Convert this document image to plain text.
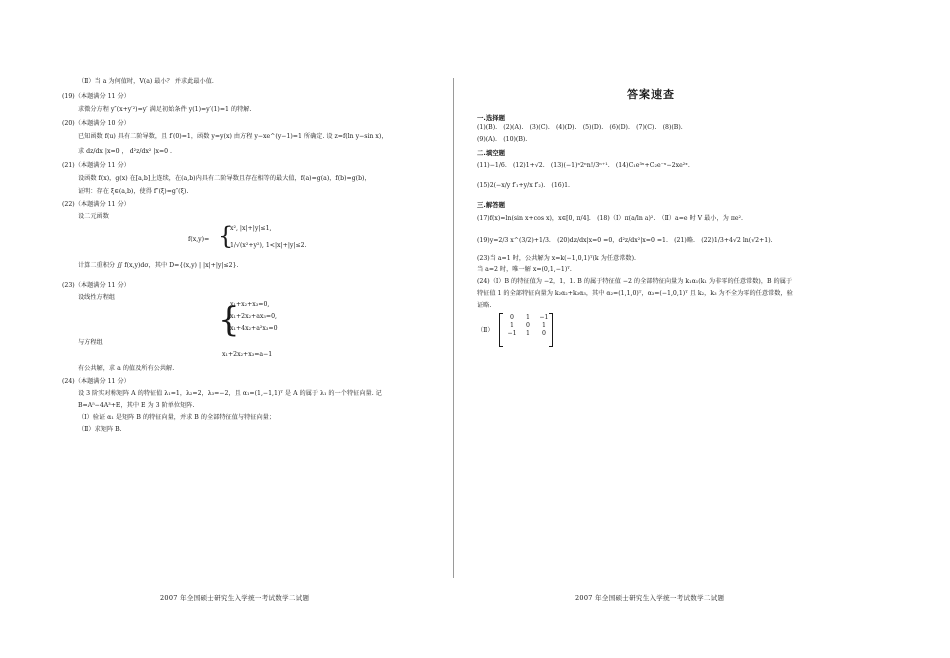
（Ⅱ）当 a 为何值时，V(a) 最小？ 并求此最小值.
(19)（本题满分 11 分）
求微分方程 y″(x+y′²)=y′ 满足初始条件 y(1)=y′(1)=1 的特解.
(20)（本题满分 10 分）
已知函数 f(u) 具有二阶导数，且 f′(0)=1，函数 y=y(x) 由方程 y−xe^(y−1)=1 所确定. 设 z=f(ln y−sin x)，
求 dz/dx |x=0 ， d²z/dx² |x=0 .
(21)（本题满分 11 分）
设函数 f(x)，g(x) 在[a,b]上连续，在(a,b)内具有二阶导数且存在相等的最大值，f(a)=g(a)，f(b)=g(b)，
证明：存在 ξ∈(a,b)，使得 f″(ξ)=g″(ξ).
(22)（本题满分 11 分）
设二元函数
f(x,y)= {
x², |x|+|y|≤1,
1/√(x²+y²), 1<|x|+|y|≤2.
计算二重积分 ∬ f(x,y)dσ，其中 D={(x,y) | |x|+|y|≤2}.
(23)（本题满分 11 分）
设线性方程组
{
x₁+x₂+x₃=0,
x₁+2x₂+ax₃=0,
x₁+4x₂+a²x₃=0
与方程组
x₁+2x₂+x₃=a−1
有公共解，求 a 的值及所有公共解.
(24)（本题满分 11 分）
设 3 阶实对称矩阵 A 的特征值 λ₁=1，λ₂=2，λ₃=−2，且 α₁=(1,−1,1)ᵀ 是 A 的属于 λ₁ 的一个特征向量. 记
B=A⁵−4A³+E，其中 E 为 3 阶单位矩阵.
（Ⅰ）验证 α₁ 是矩阵 B 的特征向量，并求 B 的全部特征值与特征向量；
（Ⅱ）求矩阵 B.
2007 年全国硕士研究生入学统一考试数学二试题
答案速查
一.选择题
(1)(B).　(2)(A).　(3)(C).　(4)(D).　(5)(D).　(6)(D).　(7)(C).　(8)(B).
(9)(A).　(10)(B).
二.填空题
(11)−1/6.　(12)1+√2.　(13)(−1)ⁿ2ⁿn!/3ⁿ⁺¹.　(14)C₁e³ˣ+C₂e⁻ˣ−2xe²ˣ.
(15)2(−x/y f′₁+y/x f′₂).　(16)1.
三.解答题
(17)f(x)=ln(sin x+cos x)，x∈[0, π/4].　(18)（Ⅰ）π(a/ln a)².　（Ⅱ）a=e 时 V 最小，为 πe².
(19)y=2/3 x^(3/2)+1/3.　(20)dz/dx|x=0 =0，d²z/dx²|x=0 =1.　(21)略.　(22)1/3+4√2 ln(√2+1).
(23)当 a=1 时，公共解为 x=k(−1,0,1)ᵀ(k 为任意常数).
当 a=2 时，唯一解 x=(0,1,−1)ᵀ.
(24)（Ⅰ）B 的特征值为 −2，1，1. B 的属于特征值 −2 的全部特征向量为 k₁α₁(k₁ 为非零的任意常数)，B 的属于
特征值 1 的全部特征向量为 k₂α₂+k₃α₃，其中 α₂=(1,1,0)ᵀ，α₃=(−1,0,1)ᵀ 且 k₂，k₃ 为不全为零的任意常数，验
证略.
（Ⅱ）
0 1 −1
1 0 1
−1 1 0
2007 年全国硕士研究生入学统一考试数学二试题
